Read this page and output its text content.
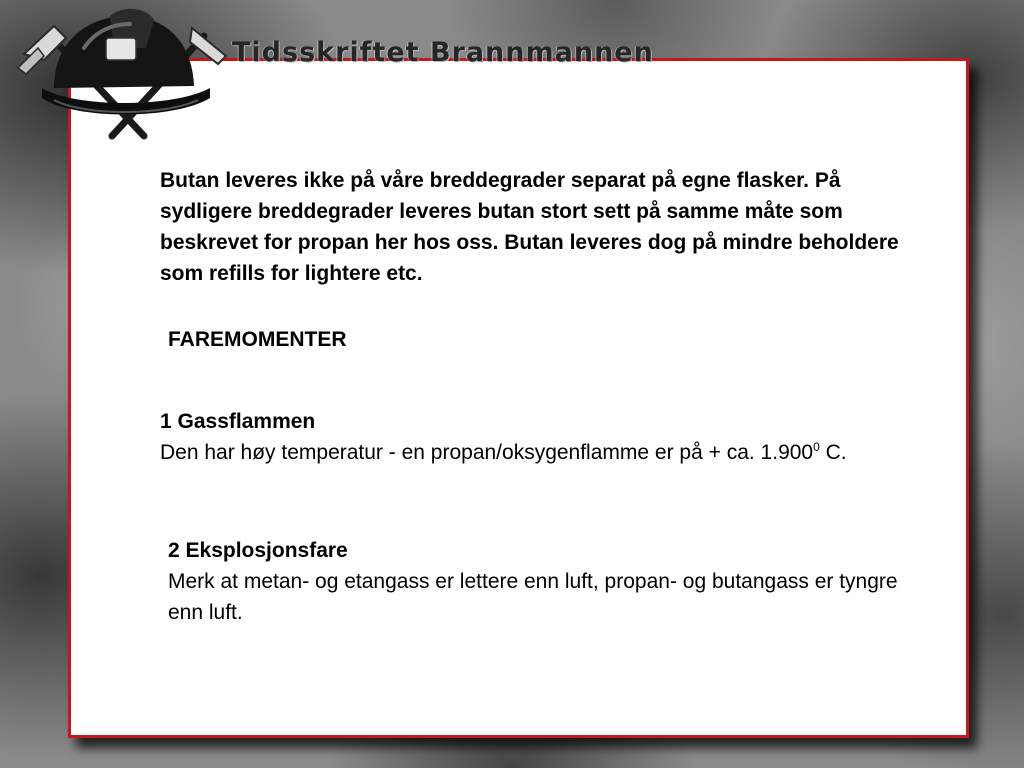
Tidsskriftet Brannmannen

Butan leveres ikke på våre breddegrader separat på egne flasker. På sydligere breddegrader leveres butan stort sett på samme måte som beskrevet for propan her hos oss. Butan leveres dog på mindre beholdere som refills for lightere etc.

FAREMOMENTER

1 Gassflammen
Den har høy temperatur - en propan/oksygenflamme er på + ca. 1.900$^0$ C.
2 Eksplosjonsfare
Merk at metan- og etangass er lettere enn luft, propan- og butangass er tyngre enn luft.
